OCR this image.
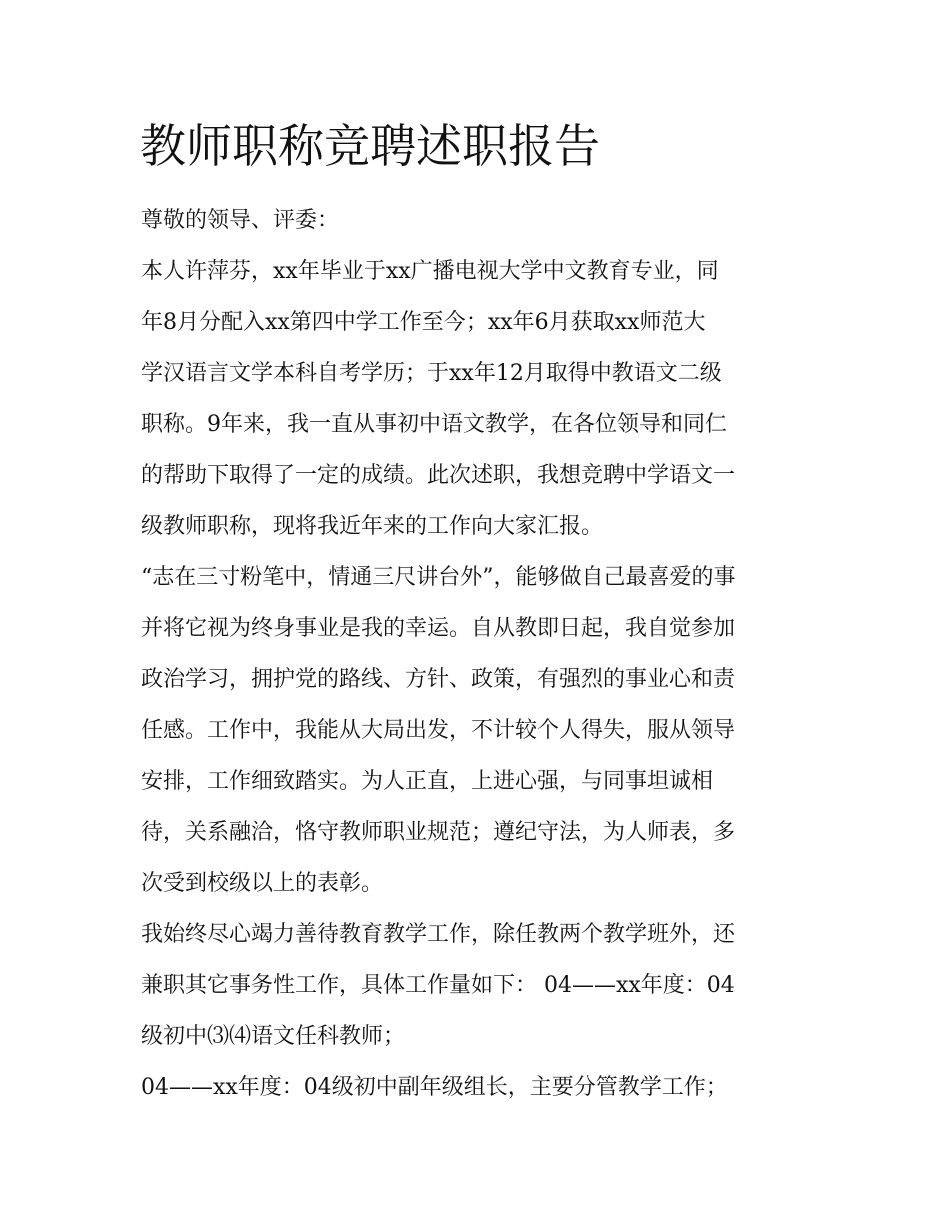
教师职称竞聘述职报告
尊敬的领导、评委：
本人许萍芬，xx年毕业于xx广播电视大学中文教育专业，同
年8月分配入xx第四中学工作至今；xx年6月获取xx师范大
学汉语言文学本科自考学历；于xx年12月取得中教语文二级
职称。9年来，我一直从事初中语文教学，在各位领导和同仁
的帮助下取得了一定的成绩。此次述职，我想竞聘中学语文一
级教师职称，现将我近年来的工作向大家汇报。
“志在三寸粉笔中，情通三尺讲台外”，能够做自己最喜爱的事
并将它视为终身事业是我的幸运。自从教即日起，我自觉参加
政治学习，拥护党的路线、方针、政策，有强烈的事业心和责
任感。工作中，我能从大局出发，不计较个人得失，服从领导
安排，工作细致踏实。为人正直，上进心强，与同事坦诚相
待，关系融洽，恪守教师职业规范；遵纪守法，为人师表，多
次受到校级以上的表彰。
我始终尽心竭力善待教育教学工作，除任教两个教学班外，还
兼职其它事务性工作，具体工作量如下： 04——xx年度：04
级初中⑶⑷语文任科教师；
04——xx年度：04级初中副年级组长，主要分管教学工作；
